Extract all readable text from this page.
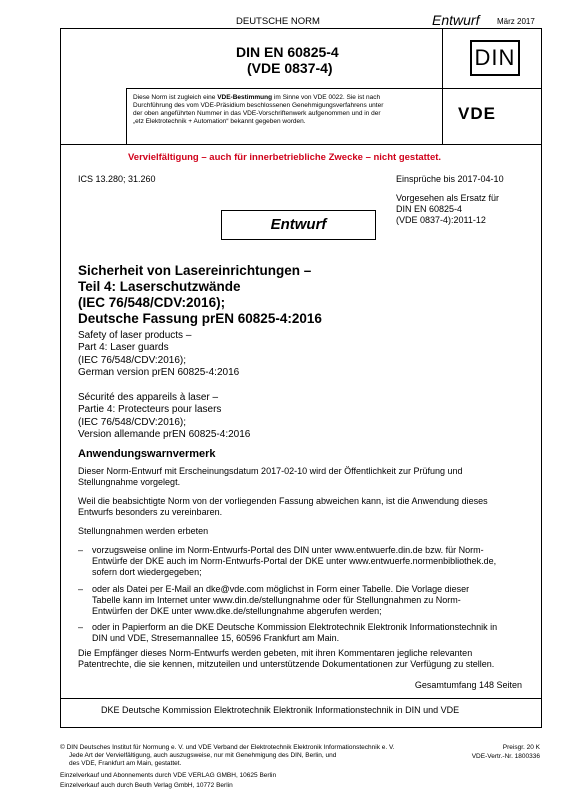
DEUTSCHE NORM	Entwurf März 2017
DIN EN 60825-4
(VDE 0837-4)	DIN
VDE
Diese Norm ist zugleich eine VDE-Bestimmung im Sinne von VDE 0022. Sie ist nach
Durchführung des vom VDE-Präsidium beschlossenen Genehmigungsverfahrens unter
der oben angeführten Nummer in das VDE-Vorschriftenwerk aufgenommen und in der
„etz Elektrotechnik + Automation“ bekannt gegeben worden.
Vervielfältigung – auch für innerbetriebliche Zwecke – nicht gestattet.
ICS 13.280; 31.260	Einsprüche bis 2017-04-10
Vorgesehen als Ersatz für
DIN EN 60825-4
(VDE 0837-4):2011-12
Entwurf
Sicherheit von Lasereinrichtungen –
Teil 4: Laserschutzwände
(IEC 76/548/CDV:2016);
Deutsche Fassung prEN 60825-4:2016
Safety of laser products –
Part 4: Laser guards
(IEC 76/548/CDV:2016);
German version prEN 60825-4:2016
Sécurité des appareils à laser –
Partie 4: Protecteurs pour lasers
(IEC 76/548/CDV:2016);
Version allemande prEN 60825-4:2016
Anwendungswarnvermerk
Dieser Norm-Entwurf mit Erscheinungsdatum 2017-02-10 wird der Öffentlichkeit zur Prüfung und
Stellungnahme vorgelegt.
Weil die beabsichtigte Norm von der vorliegenden Fassung abweichen kann, ist die Anwendung dieses
Entwurfs besonders zu vereinbaren.
Stellungnahmen werden erbeten
– vorzugsweise online im Norm-Entwurfs-Portal des DIN unter www.entwuerfe.din.de bzw. für Norm-
Entwürfe der DKE auch im Norm-Entwurfs-Portal der DKE unter www.entwuerfe.normenbibliothek.de,
sofern dort wiedergegeben;
– oder als Datei per E-Mail an dke@vde.com möglichst in Form einer Tabelle. Die Vorlage dieser
Tabelle kann im Internet unter www.din.de/stellungnahme oder für Stellungnahmen zu Norm-
Entwürfen der DKE unter www.dke.de/stellungnahme abgerufen werden;
– oder in Papierform an die DKE Deutsche Kommission Elektrotechnik Elektronik Informationstechnik in
DIN und VDE, Stresemannallee 15, 60596 Frankfurt am Main.
Die Empfänger dieses Norm-Entwurfs werden gebeten, mit ihren Kommentaren jegliche relevanten
Patentrechte, die sie kennen, mitzuteilen und unterstützende Dokumentationen zur Verfügung zu stellen.
Gesamtumfang 148 Seiten
DKE Deutsche Kommission Elektrotechnik Elektronik Informationstechnik in DIN und VDE
© DIN Deutsches Institut für Normung e. V. und VDE Verband der Elektrotechnik Elektronik Informationstechnik e. V.
Jede Art der Vervielfältigung, auch auszugsweise, nur mit Genehmigung des DIN, Berlin, und
des VDE, Frankfurt am Main, gestattet.
Einzelverkauf und Abonnements durch VDE VERLAG GMBH, 10625 Berlin
Einzelverkauf auch durch Beuth Verlag GmbH, 10772 Berlin
Preisgr. 20 K
VDE-Vertr.-Nr. 1800336
